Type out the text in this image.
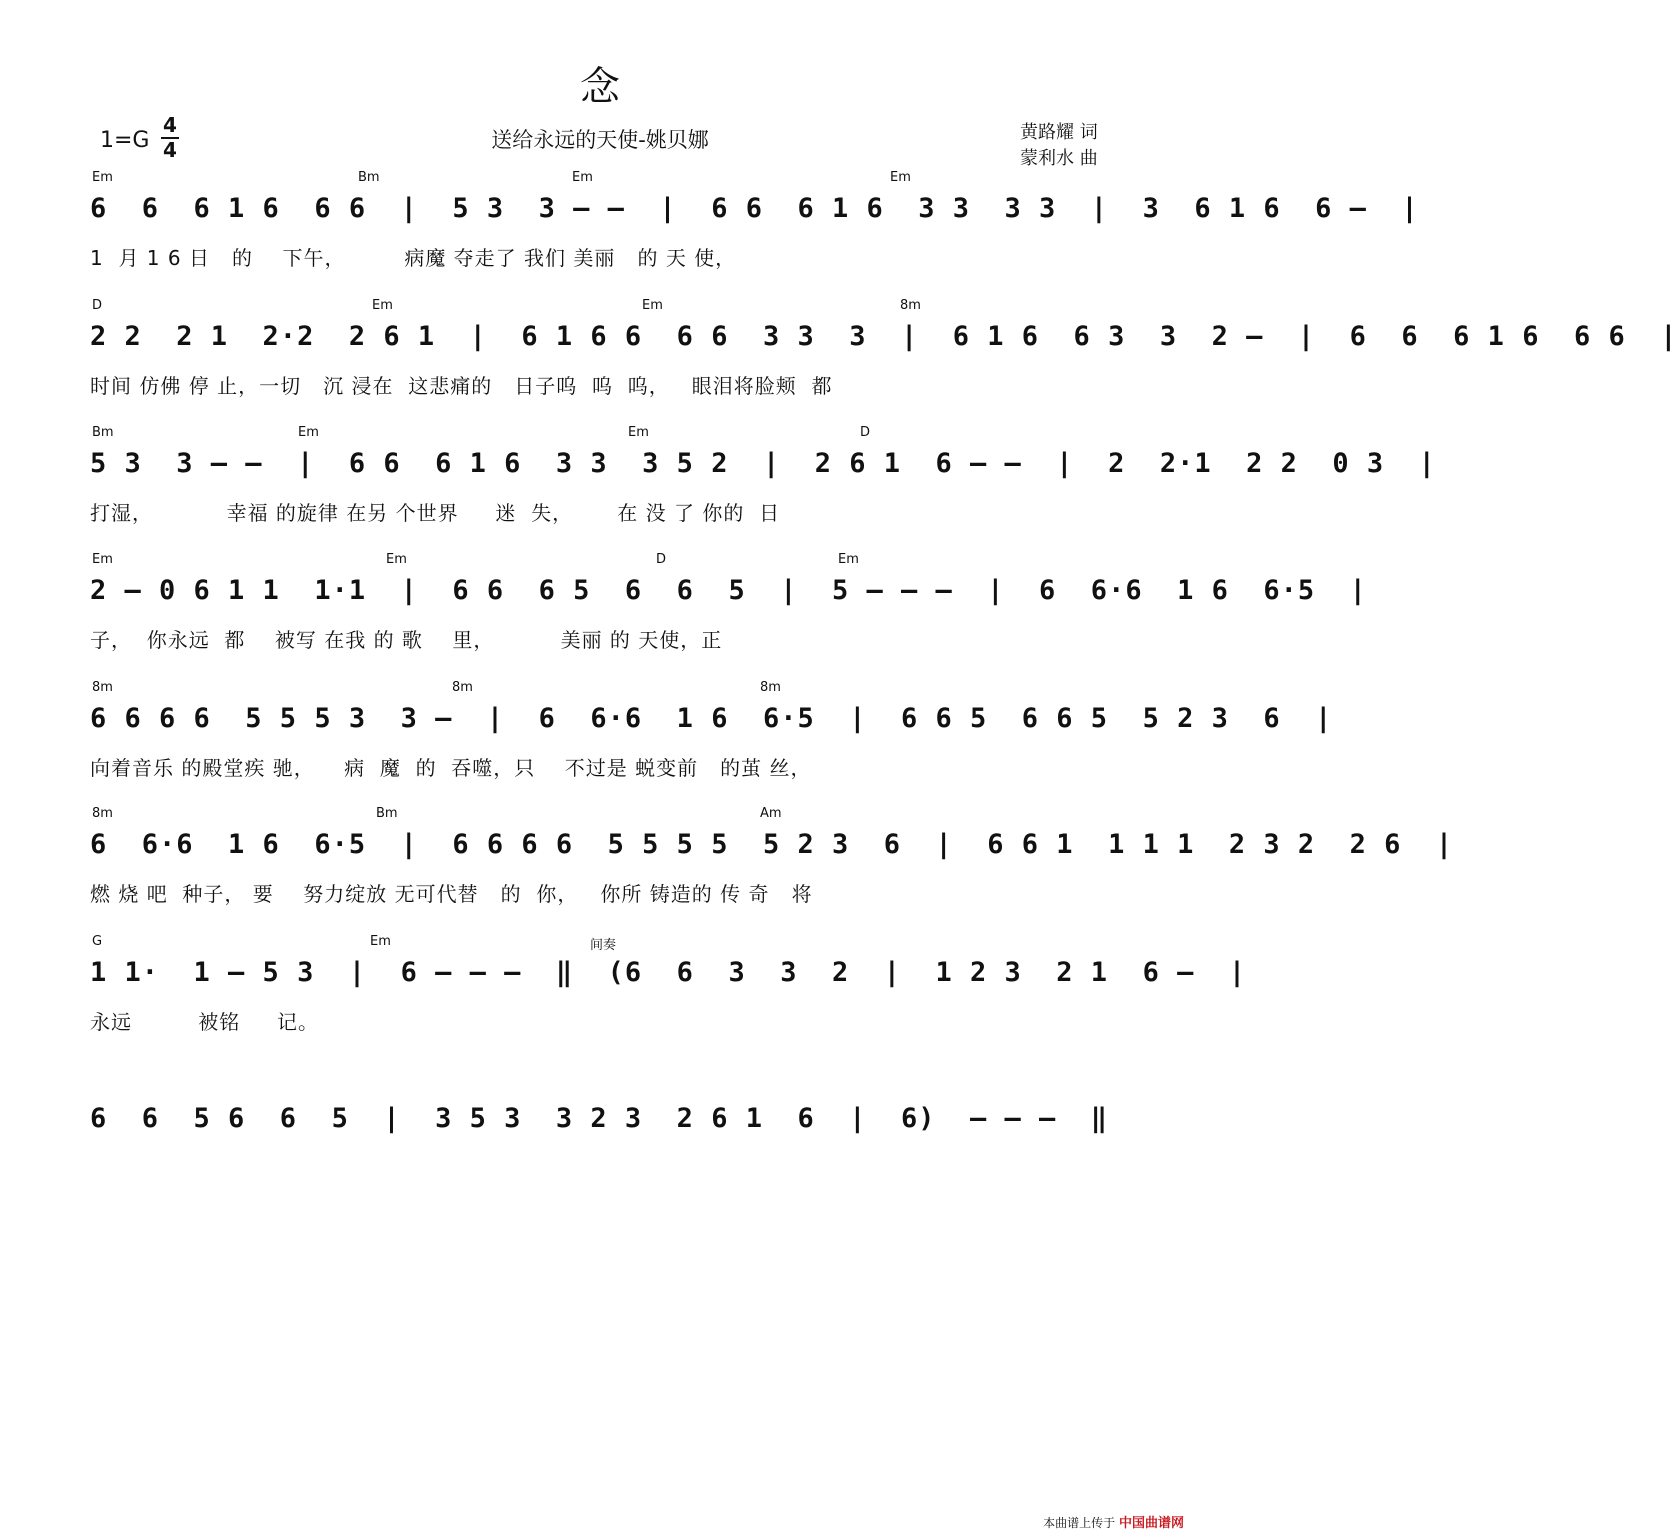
念
送给永远的天使-姚贝娜
1=G
4
4
黄路耀 词
蒙利水 曲
Em	Bm	Em	Em
6  6  6 1 6  6 6  |  5 3  3 – –  |  6 6  6 1 6  3 3  3 3  |  3  6 1 6  6 –  |
1  月 1 6 日   的    下午，        病魔 夺走了 我们 美丽   的 天 使，
D	Em	Em	8m
2 2  2 1  2·2  2 6 1  |  6 1 6 6  6 6  3 3  3  |  6 1 6  6 3  3  2 –  |  6  6  6 1 6  6 6  |
时间 仿佛 停 止，一切   沉 浸在  这悲痛的   日子呜  呜  呜，   眼泪将脸颊  都
Bm	Em	Em	D
5 3  3 – –  |  6 6  6 1 6  3 3  3 5 2  |  2 6 1  6 – –  |  2  2·1  2 2  0 3  |
打湿，          幸福 的旋律 在另 个世界     迷  失，      在 没 了 你的  日
Em	Em	D	Em
2 – 0 6 1 1  1·1  |  6 6  6 5  6  6  5  |  5 – – –  |  6  6·6  1 6  6·5  |
子，  你永远  都    被写 在我 的 歌    里，         美丽 的 天使，正
8m	8m	8m
6 6 6 6  5 5 5 3  3 –  |  6  6·6  1 6  6·5  |  6 6 5  6 6 5  5 2 3  6  |
向着音乐 的殿堂疾 驰，    病  魔  的  吞噬，只    不过是 蜕变前   的茧 丝，
8m	Bm	Am
6  6·6  1 6  6·5  |  6 6 6 6  5 5 5 5  5 2 3  6  |  6 6 1  1 1 1  2 3 2  2 6  |
燃 烧 吧  种子， 要    努力绽放 无可代替   的  你，   你所 铸造的 传 奇   将
G	Em	间奏
1 1·  1 – 5 3  |  6 – – –  ‖  (6  6  3  3  2  |  1 2 3  2 1  6 –  |
永远         被铭     记。
6  6  5 6  6  5  |  3 5 3  3 2 3  2 6 1  6  |  6)  – – –  ‖
本曲谱上传于 中国曲谱网
